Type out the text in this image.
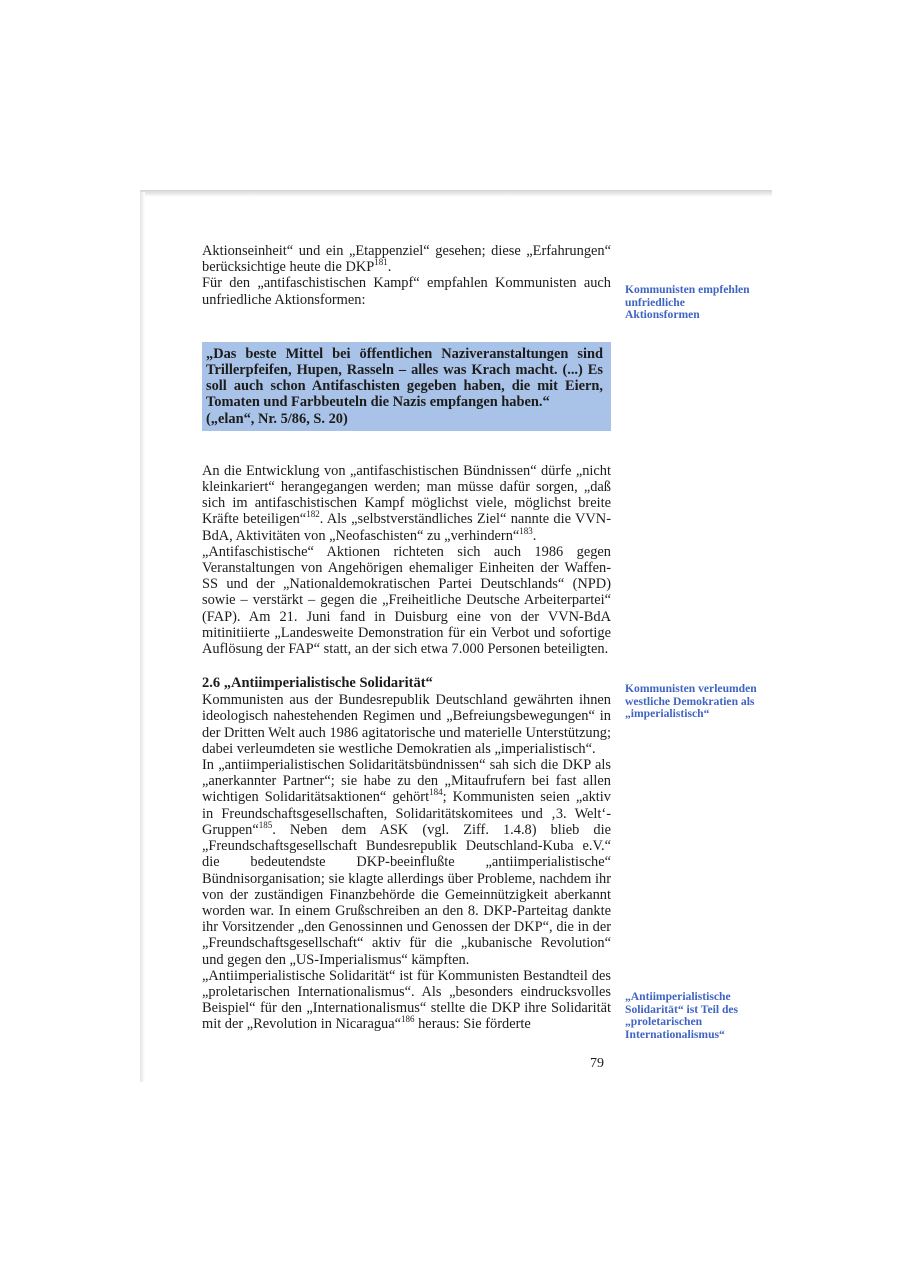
Aktionseinheit“ und ein „Etappenziel“ gesehen; diese „Erfahrungen“ berücksichtige heute die DKP$^{181}$.

Für den „antifaschistischen Kampf“ empfahlen Kommunisten auch unfriedliche Aktionsformen:

„Das beste Mittel bei öffentlichen Naziveranstaltungen sind Trillerpfeifen, Hupen, Rasseln – alles was Krach macht. (...) Es soll auch schon Antifaschisten gegeben haben, die mit Eiern, Tomaten und Farbbeuteln die Nazis empfangen haben.“
(„elan“, Nr. 5/86, S. 20)

An die Entwicklung von „antifaschistischen Bündnissen“ dürfe „nicht kleinkariert“ herangegangen werden; man müsse dafür sorgen, „daß sich im antifaschistischen Kampf möglichst viele, möglichst breite Kräfte beteiligen“$^{182}$. Als „selbstverständliches Ziel“ nannte die VVN-BdA, Aktivitäten von „Neofaschisten“ zu „verhindern“$^{183}$.

„Antifaschistische“ Aktionen richteten sich auch 1986 gegen Veranstaltungen von Angehörigen ehemaliger Einheiten der Waffen-SS und der „Nationaldemokratischen Partei Deutschlands“ (NPD) sowie – verstärkt – gegen die „Freiheitliche Deutsche Arbeiterpartei“ (FAP). Am 21. Juni fand in Duisburg eine von der VVN-BdA mitinitiierte „Landesweite Demonstration für ein Verbot und sofortige Auflösung der FAP“ statt, an der sich etwa 7.000 Personen beteiligten.

2.6 „Antiimperialistische Solidarität“

Kommunisten aus der Bundesrepublik Deutschland gewährten ihnen ideologisch nahestehenden Regimen und „Befreiungsbewegungen“ in der Dritten Welt auch 1986 agitatorische und materielle Unterstützung; dabei verleumdeten sie westliche Demokratien als „imperialistisch“.

In „antiimperialistischen Solidaritätsbündnissen“ sah sich die DKP als „anerkannter Partner“; sie habe zu den „Mitaufrufern bei fast allen wichtigen Solidaritätsaktionen“ gehört$^{184}$; Kommunisten seien „aktiv in Freundschaftsgesellschaften, Solidaritätskomitees und ‚3. Welt‘-Gruppen“$^{185}$. Neben dem ASK (vgl. Ziff. 1.4.8) blieb die „Freundschaftsgesellschaft Bundesrepublik Deutschland-Kuba e.V.“ die bedeutendste DKP-beeinflußte „antiimperialistische“ Bündnisorganisation; sie klagte allerdings über Probleme, nachdem ihr von der zuständigen Finanzbehörde die Gemeinnützigkeit aberkannt worden war. In einem Grußschreiben an den 8. DKP-Parteitag dankte ihr Vorsitzender „den Genossinnen und Genossen der DKP“, die in der „Freundschaftsgesellschaft“ aktiv für die „kubanische Revolution“ und gegen den „US-Imperialismus“ kämpften.

„Antiimperialistische Solidarität“ ist für Kommunisten Bestandteil des „proletarischen Internationalismus“. Als „besonders eindrucksvolles Beispiel“ für den „Internationalismus“ stellte die DKP ihre Solidarität mit der „Revolution in Nicaragua“$^{186}$ heraus: Sie förderte

Kommunisten empfehlen unfriedliche Aktionsformen
Kommunisten verleumden westliche Demokratien als „imperialistisch“
„Antiimperialistische Solidarität“ ist Teil des „proletarischen Internationalismus“
79
